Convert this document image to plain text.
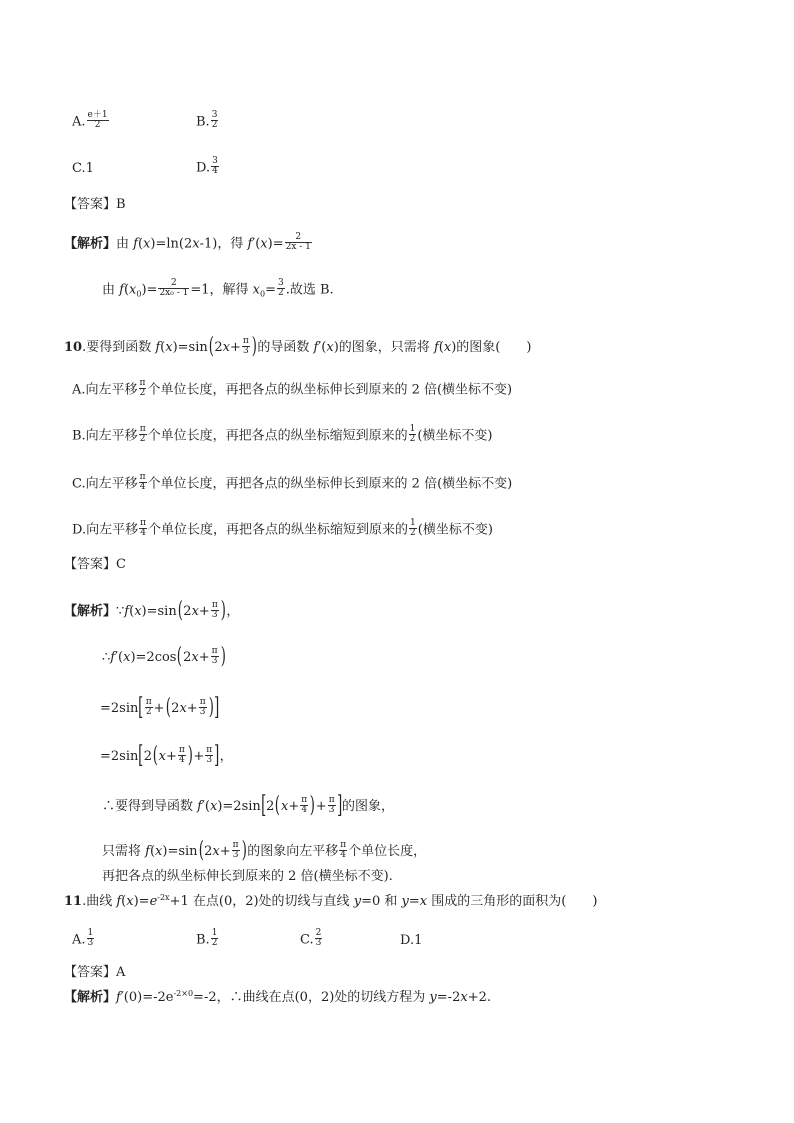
A. $\frac{e+1}{2}$	B. $\frac{3}{2}$
C.1	D. $\frac{3}{4}$
【答案】B
【解析】由 f(x)=ln(2x-1)，得 $f'(x)= \frac{2}{2x - 1}$
由 $f(x_0)= \frac{2}{\text{2x₀ - 1}} =1$，解得 $x_0= \frac{3}{2}$ .故选 B.
10.要得到函数 $f(x)=\sin(2x+ \frac{\pi}{3}$ )的导函数 f′(x)的图象，只需将 f(x)的图象(　　)
A.向左平移 $\frac{\pi}{2}$ 个单位长度，再把各点的纵坐标伸长到原来的 2 倍(横坐标不变)
B.向左平移 $\frac{\pi}{2}$ 个单位长度，再把各点的纵坐标缩短到原来的 $\frac{1}{2}$ (横坐标不变)
C.向左平移 $\frac{\pi}{4}$ 个单位长度，再把各点的纵坐标伸长到原来的 2 倍(横坐标不变)
D.向左平移 $\frac{\pi}{4}$ 个单位长度，再把各点的纵坐标缩短到原来的 $\frac{1}{2}$ (横坐标不变)
【答案】C
【解析】∵f(x)=sin(2x+ $\frac{\pi}{3}$ )，
∴f′(x)=2cos(2x+ $\frac{\pi}{3}$ )
$=2\sin[ \frac{\pi}{2} +(2x+ \frac{\pi}{3}$ )]
$=2\sin[2(x+ \frac{\pi}{4}$ )+ $\frac{\pi}{3}$ ]，
∴要得到导函数 $f'(x)=2\sin[2(x+ \frac{\pi}{4}$ )+ $\frac{\pi}{3}$ ]的图象，
只需将 $f(x)=\sin(2x+ \frac{\pi}{3}$ )的图象向左平移 $\frac{\pi}{4}$ 个单位长度，
再把各点的纵坐标伸长到原来的 2 倍(横坐标不变).
11.曲线 $f(x)=e^{-2x}+1$ 在点(0，2)处的切线与直线 y=0 和 y=x 围成的三角形的面积为(　　)
A. $\frac{1}{3}$	B. $\frac{1}{2}$	C. $\frac{2}{3}$	D.1
【答案】A
【解析】$f'(0)=-2e^{-2\times 0}=-2$，∴曲线在点(0，2)处的切线方程为 y=-2x+2.
